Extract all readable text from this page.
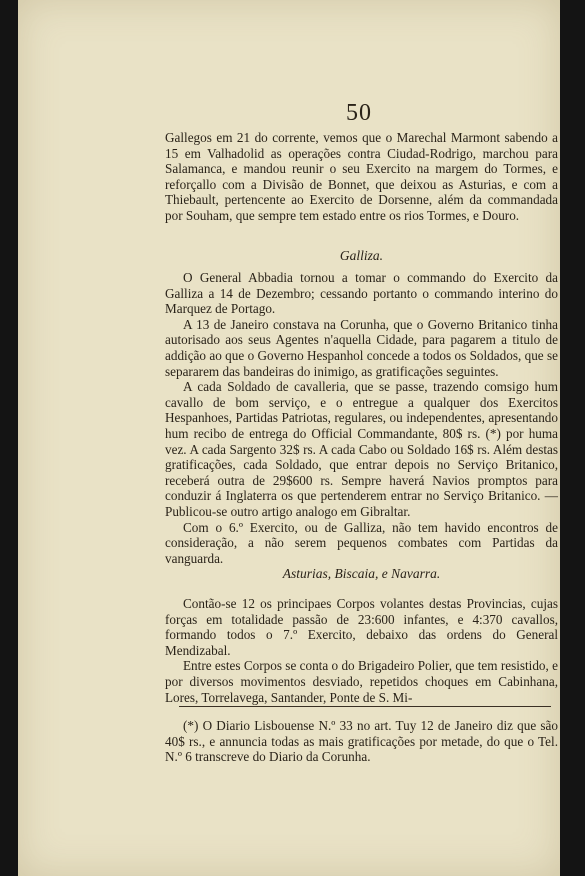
50

Gallegos em 21 do corrente, vemos que o Marechal Marmont sabendo a 15 em Valhadolid as operações contra Ciudad-Rodrigo, marchou para Salamanca, e mandou reunir o seu Exercito na margem do Tormes, e reforçallo com a Divisão de Bonnet, que deixou as Asturias, e com a Thiebault, pertencente ao Exercito de Dorsenne, além da commandada por Souham, que sempre tem estado entre os rios Tormes, e Douro.

Galliza.

O General Abbadia tornou a tomar o commando do Exercito da Galliza a 14 de Dezembro; cessando portanto o commando interino do Marquez de Portago.

A 13 de Janeiro constava na Corunha, que o Governo Britanico tinha autorisado aos seus Agentes n'aquella Cidade, para pagarem a titulo de addição ao que o Governo Hespanhol concede a todos os Soldados, que se separarem das bandeiras do inimigo, as gratificações seguintes.

A cada Soldado de cavalleria, que se passe, trazendo comsigo hum cavallo de bom serviço, e o entregue a qualquer dos Exercitos Hespanhoes, Partidas Patriotas, regulares, ou independentes, apresentando hum recibo de entrega do Official Commandante, 80$ rs. (*) por huma vez. A cada Sargento 32$ rs. A cada Cabo ou Soldado 16$ rs. Além destas gratificações, cada Soldado, que entrar depois no Serviço Britanico, receberá outra de 29$600 rs. Sempre haverá Navios promptos para conduzir á Inglaterra os que pertenderem entrar no Serviço Britanico. — Publicou-se outro artigo analogo em Gibraltar.

Com o 6.º Exercito, ou de Galliza, não tem havido encontros de consideração, a não serem pequenos combates com Partidas da vanguarda.

Asturias, Biscaia, e Navarra.

Contão-se 12 os principaes Corpos volantes destas Provincias, cujas forças em totalidade passão de 23:600 infantes, e 4:370 cavallos, formando todos o 7.º Exercito, debaixo das ordens do General Mendizabal.

Entre estes Corpos se conta o do Brigadeiro Polier, que tem resistido, e por diversos movimentos desviado, repetidos choques em Cabinhana, Lores, Torrelavega, Santander, Ponte de S. Mi-

(*) O Diario Lisbouense N.º 33 no art. Tuy 12 de Janeiro diz que são 40$ rs., e annuncia todas as mais gratificações por metade, do que o Tel. N.º 6 transcreve do Diario da Corunha.
